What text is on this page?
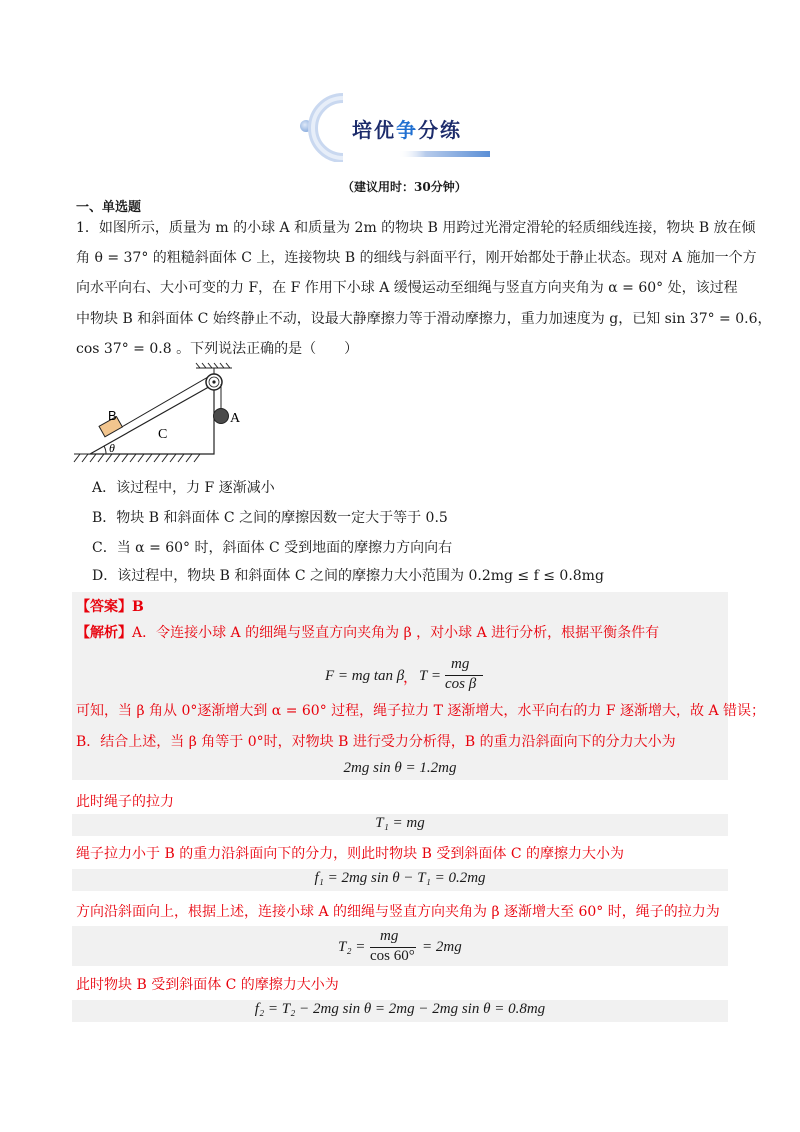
培优争分练
（建议用时：30分钟）
一、单选题
1．如图所示，质量为 m 的小球 A 和质量为 2m 的物块 B 用跨过光滑定滑轮的轻质细线连接，物块 B 放在倾
角 θ = 37° 的粗糙斜面体 C 上，连接物块 B 的细线与斜面平行，刚开始都处于静止状态。现对 A 施加一个方
向水平向右、大小可变的力 F，在 F 作用下小球 A 缓慢运动至细绳与竖直方向夹角为 α = 60° 处，该过程
中物块 B 和斜面体 C 始终静止不动，设最大静摩擦力等于滑动摩擦力，重力加速度为 g，已知 sin 37° = 0.6，
cos 37° = 0.8 。下列说法正确的是（　　）
B
C
A
θ
A．该过程中，力 F 逐渐减小
B．物块 B 和斜面体 C 之间的摩擦因数一定大于等于 0.5
C．当 α = 60° 时，斜面体 C 受到地面的摩擦力方向向右
D．该过程中，物块 B 和斜面体 C 之间的摩擦力大小范围为 0.2mg ≤ f ≤ 0.8mg
【答案】B
【解析】A．令连接小球 A 的细绳与竖直方向夹角为 β ，对小球 A 进行分析，根据平衡条件有
F = mg tan β
， T =
mg
cos β
可知，当 β 角从 0°逐渐增大到 α = 60° 过程，绳子拉力 T 逐渐增大，水平向右的力 F 逐渐增大，故 A 错误；
B．结合上述，当 β 角等于 0°时，对物块 B 进行受力分析得，B 的重力沿斜面向下的分力大小为
2mg sin θ = 1.2mg
此时绳子的拉力
T₁ = mg
绳子拉力小于 B 的重力沿斜面向下的分力，则此时物块 B 受到斜面体 C 的摩擦力大小为
f₁ = 2mg sin θ − T₁ = 0.2mg
方向沿斜面向上，根据上述，连接小球 A 的细绳与竖直方向夹角为 β 逐渐增大至 60° 时，绳子的拉力为
T₂ =
mg
cos 60°
= 2mg
此时物块 B 受到斜面体 C 的摩擦力大小为
f₂ = T₂ − 2mg sin θ = 2mg − 2mg sin θ = 0.8mg
